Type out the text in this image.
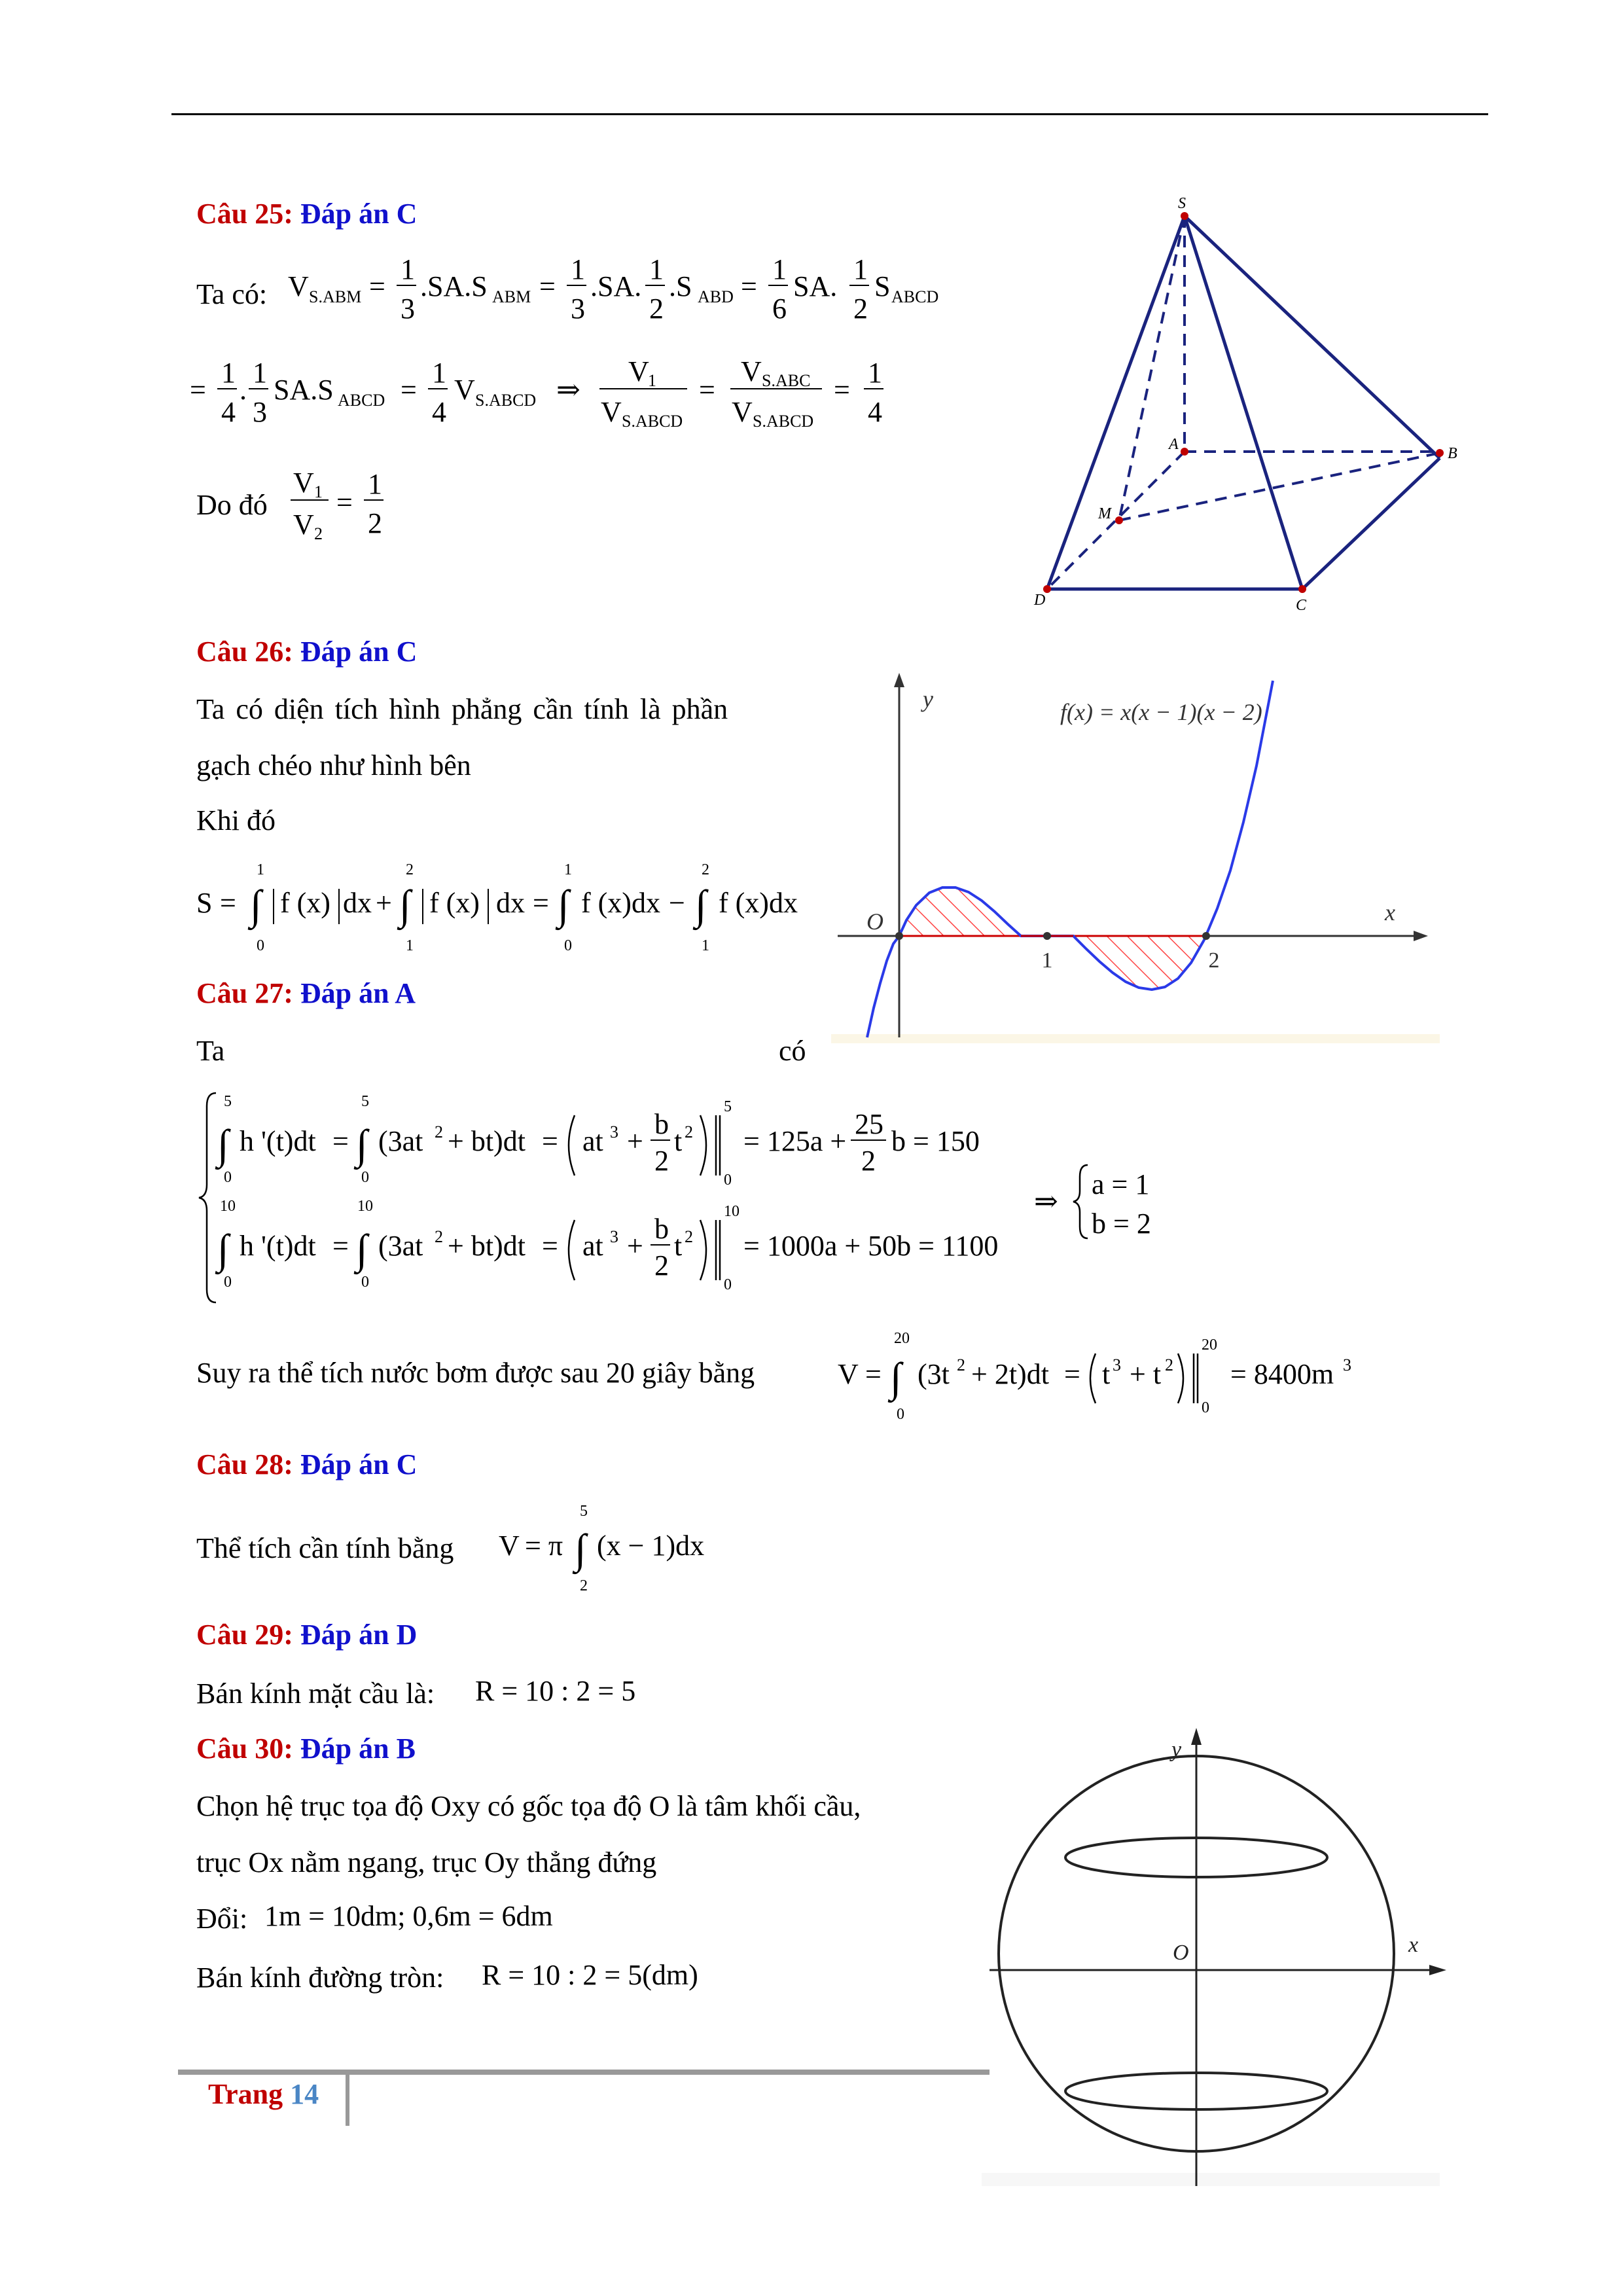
Câu 25: Đáp án C
Ta có: V S.ABM =
1
3
.SA.S ABM =
1
3
.SA.
1
2
.S ABD =
1
6
SA.
1
2
S ABCD
=
1
4
.
1
3
SA.S ABCD =
1
4
V S.ABCD ⇒
V
1
V S.ABCD
=
V S.ABC
V S.ABCD
=
1
4
Do đó
V 1
V 2
=
1
2
S
A
B
C
D
M
Câu 26: Đáp án C
Ta có diện tích hình phẳng cần tính là phần
gạch chéo như hình bên
Khi đó
S = ∫
1
0
f (x) dx + ∫
2
1
f (x) dx = ∫
1
0
f (x)dx − ∫
2
1
f (x)dx
y
x
O
f(x) = x(x − 1)(x − 2)
1	2
Câu 27: Đáp án A
Ta	có
∫
5
0
h '(t)dt = ∫
5
0
(3at 2 + bt)dt = at 3 +
b
2
t 2
5
0
= 125a +
25
2
b = 150
∫
10
0
h '(t)dt = ∫
10
0
(3at 2 + bt)dt = at 3 +
b
2
t 2
10
0
= 1000a + 50b = 1100
⇒
a = 1
b = 2
Suy ra thể tích nước bơm được sau 20 giây bằng	V = ∫
20
0
(3t 2 + 2t)dt = t 3 + t 2
20
0
= 8400m 3
Câu 28: Đáp án C
Thể tích cần tính bằng V = π ∫
5
2
(x − 1)dx
Câu 29: Đáp án D
Bán kính mặt cầu là: R = 10 : 2 = 5
Câu 30: Đáp án B
Chọn hệ trục tọa độ Oxy có gốc tọa độ O là tâm khối cầu,
trục Ox nằm ngang, trục Oy thẳng đứng
Đổi: 1m = 10dm; 0,6m = 6dm
Bán kính đường tròn: R = 10 : 2 = 5(dm)
y
x
O
Trang 14
